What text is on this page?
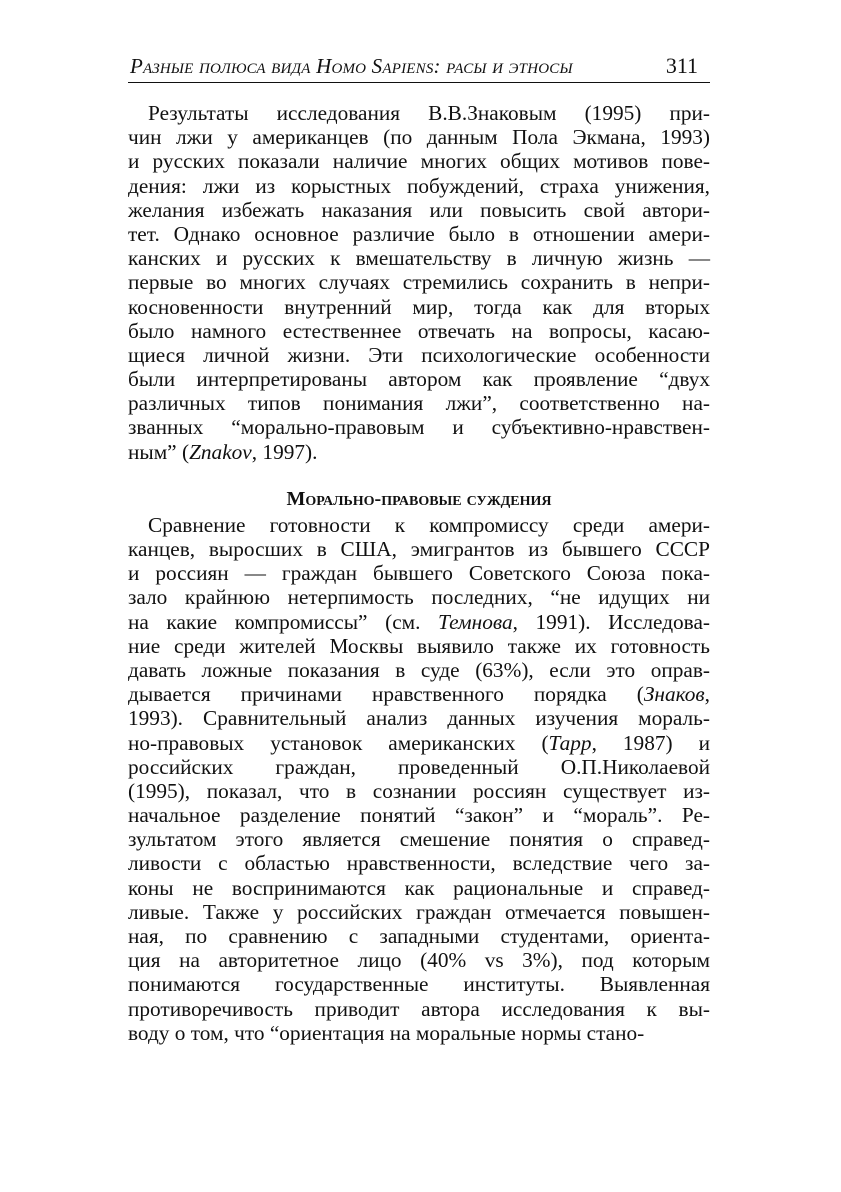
Разные полюса вида Homo Sapiens: расы и этносы	311
Результаты исследования В.В.Знаковым (1995) при-
чин лжи у американцев (по данным Пола Экмана, 1993)
и русских показали наличие многих общих мотивов пове-
дения: лжи из корыстных побуждений, страха унижения,
желания избежать наказания или повысить свой автори-
тет. Однако основное различие было в отношении амери-
канских и русских к вмешательству в личную жизнь —
первые во многих случаях стремились сохранить в непри-
косновенности внутренний мир, тогда как для вторых
было намного естественнее отвечать на вопросы, касаю-
щиеся личной жизни. Эти психологические особенности
были интерпретированы автором как проявление “двух
различных типов понимания лжи”, соответственно на-
званных “морально-правовым и субъективно-нравствен-
ным” (Znakov, 1997).
Морально-правовые суждения
Сравнение готовности к компромиссу среди амери-
канцев, выросших в США, эмигрантов из бывшего СССР
и россиян — граждан бывшего Советского Союза пока-
зало крайнюю нетерпимость последних, “не идущих ни
на какие компромиссы” (см. Темнова, 1991). Исследова-
ние среди жителей Москвы выявило также их готовность
давать ложные показания в суде (63%), если это оправ-
дывается причинами нравственного порядка (Знаков,
1993). Сравнительный анализ данных изучения мораль-
но-правовых установок американских (Тарр, 1987) и
российских граждан, проведенный О.П.Николаевой
(1995), показал, что в сознании россиян существует из-
начальное разделение понятий “закон” и “мораль”. Ре-
зультатом этого является смешение понятия о справед-
ливости с областью нравственности, вследствие чего за-
коны не воспринимаются как рациональные и справед-
ливые. Также у российских граждан отмечается повышен-
ная, по сравнению с западными студентами, ориента-
ция на авторитетное лицо (40% vs 3%), под которым
понимаются государственные институты. Выявленная
противоречивость приводит автора исследования к вы-
воду о том, что “ориентация на моральные нормы стано-
